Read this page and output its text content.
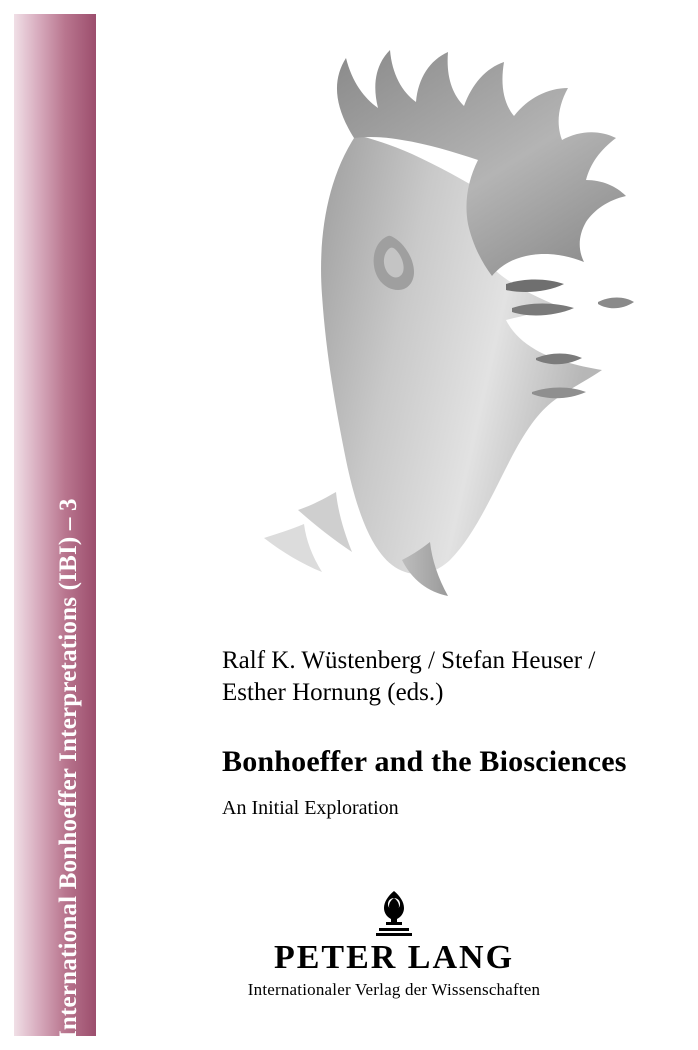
International Bonhoeffer Interpretations (IBI) – 3	Ralf K. Wüstenberg / Stefan Heuser /
Esther Hornung (eds.)
Bonhoeffer and the Biosciences
An Initial Exploration
PETER LANG
Internationaler Verlag der Wissenschaften
